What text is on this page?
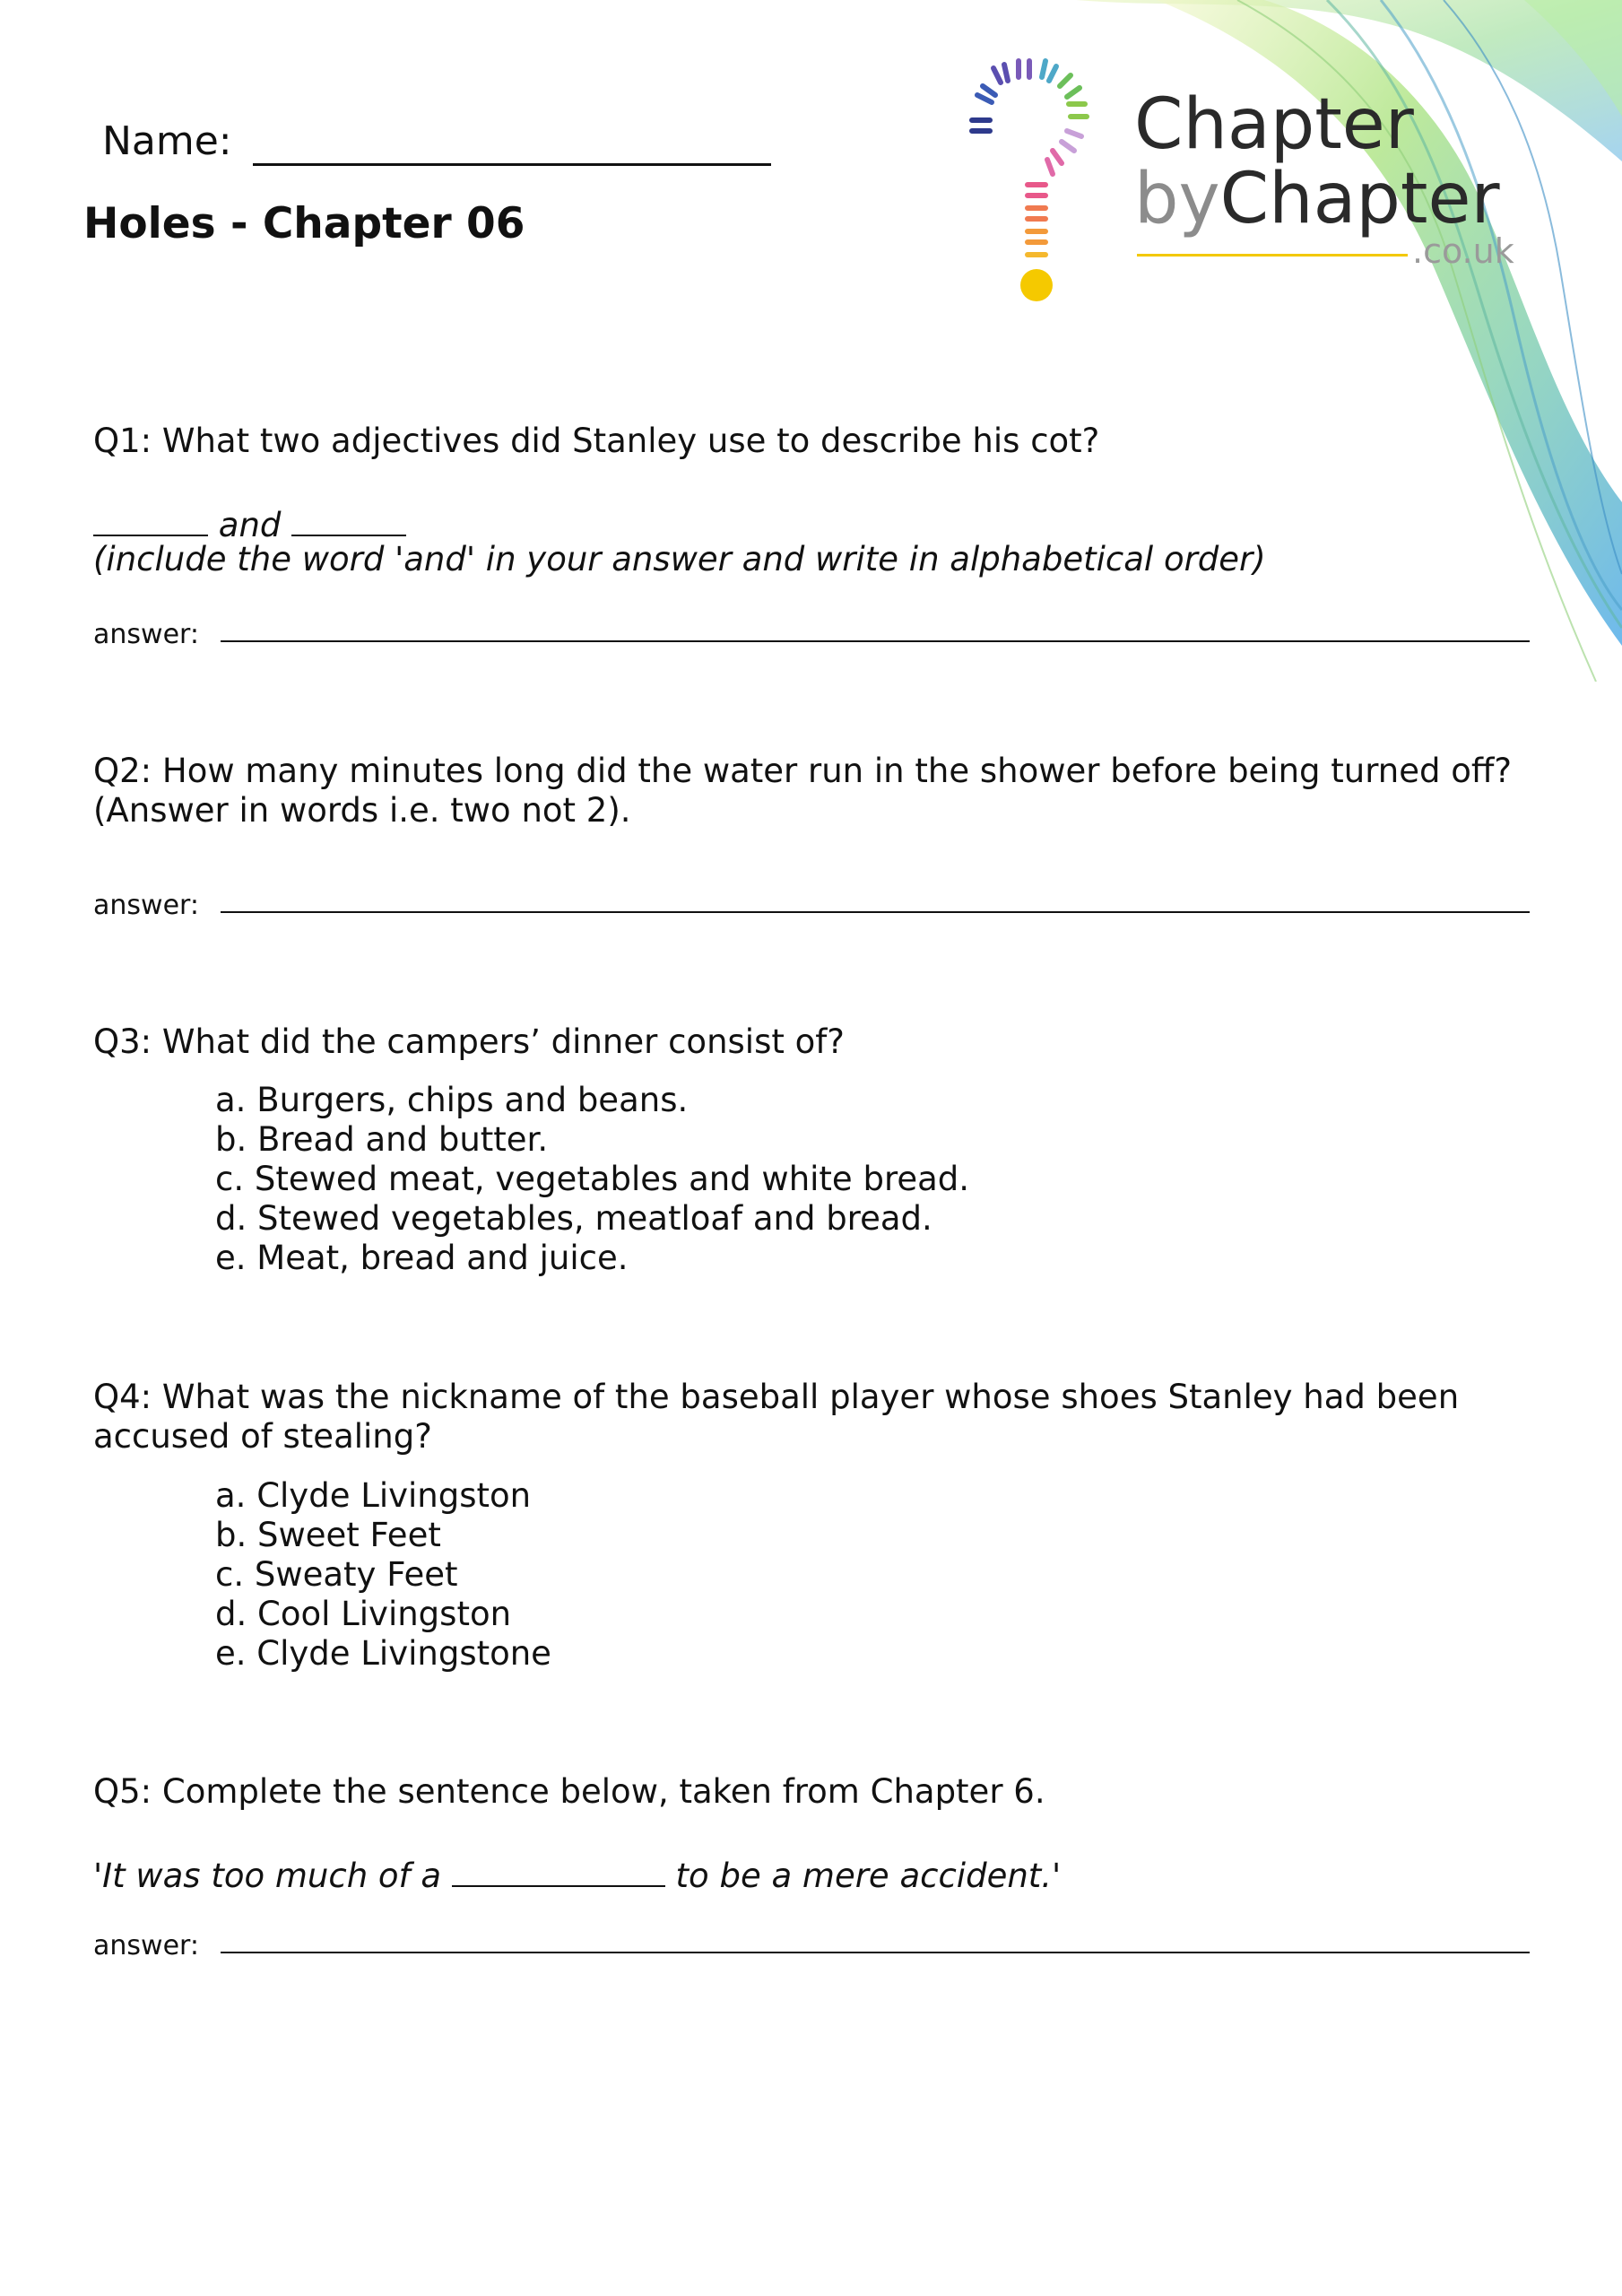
Name:
Holes - Chapter 06
Chapter
byChapter
.co.uk
Q1: What two adjectives did Stanley use to describe his cot?
and
(include the word 'and' in your answer and write in alphabetical order)
answer:
Q2: How many minutes long did the water run in the shower before being turned off?
(Answer in words i.e. two not 2).
answer:
Q3: What did the campers’ dinner consist of?
a. Burgers, chips and beans.
b. Bread and butter.
c. Stewed meat, vegetables and white bread.
d. Stewed vegetables, meatloaf and bread.
e. Meat, bread and juice.
Q4: What was the nickname of the baseball player whose shoes Stanley had been
accused of stealing?
a. Clyde Livingston
b. Sweet Feet
c. Sweaty Feet
d. Cool Livingston
e. Clyde Livingstone
Q5: Complete the sentence below, taken from Chapter 6.
'It was too much of a	to be a mere accident.'
answer:
